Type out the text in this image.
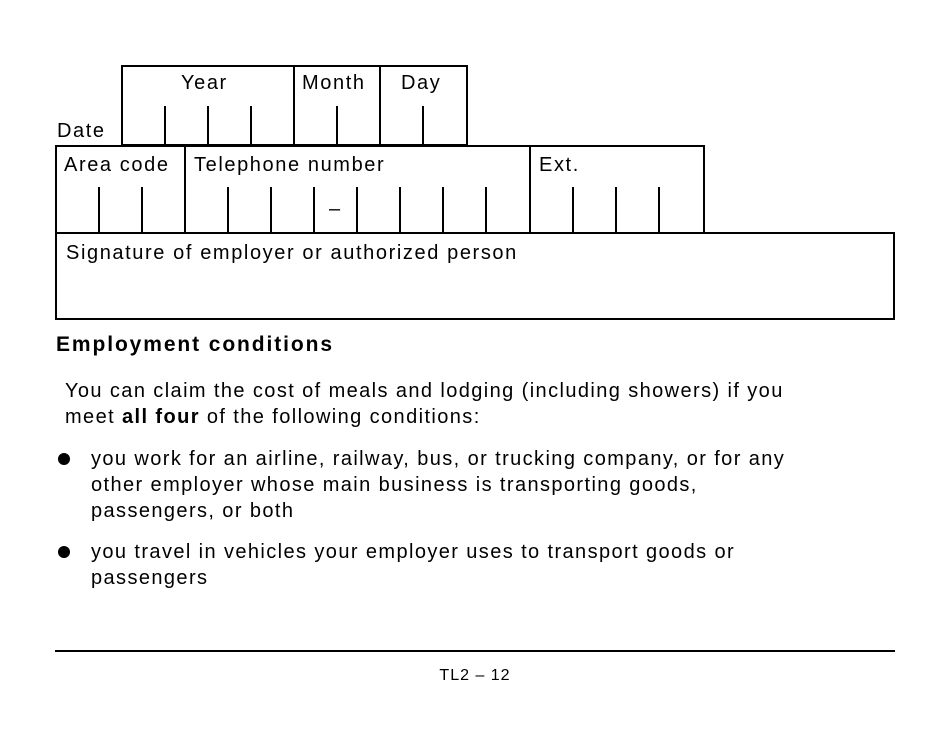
Date
Year	Month Day
Area code Telephone number	Ext.
–
Signature of employer or authorized person
Employment conditions
You can claim the cost of meals and lodging (including showers) if you
meet all four of the following conditions:
you work for an airline, railway, bus, or trucking company, or for any
other employer whose main business is transporting goods,
passengers, or both
you travel in vehicles your employer uses to transport goods or
passengers
TL2 – 12
